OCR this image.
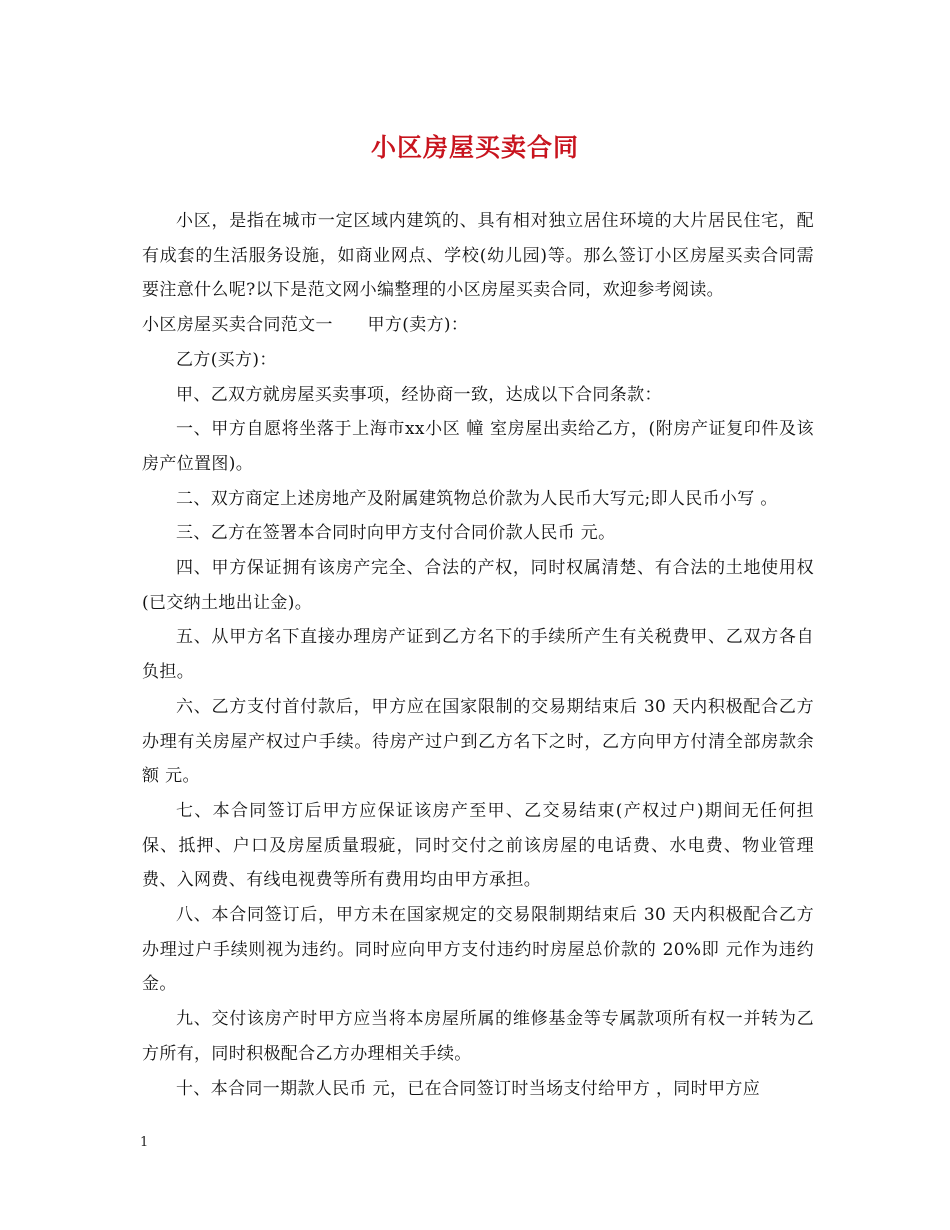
小区房屋买卖合同

小区，是指在城市一定区域内建筑的、具有相对独立居住环境的大片居民住宅，配有成套的生活服务设施，如商业网点、学校(幼儿园)等。那么签订小区房屋买卖合同需要注意什么呢?以下是范文网小编整理的小区房屋买卖合同，欢迎参考阅读。

小区房屋买卖合同范文一　　甲方(卖方)：

乙方(买方)：

甲、乙双方就房屋买卖事项，经协商一致，达成以下合同条款：

一、甲方自愿将坐落于上海市xx小区 幢 室房屋出卖给乙方，(附房产证复印件及该房产位置图)。

二、双方商定上述房地产及附属建筑物总价款为人民币大写元;即人民币小写 。

三、乙方在签署本合同时向甲方支付合同价款人民币 元。

四、甲方保证拥有该房产完全、合法的产权，同时权属清楚、有合法的土地使用权(已交纳土地出让金)。

五、从甲方名下直接办理房产证到乙方名下的手续所产生有关税费甲、乙双方各自负担。

六、乙方支付首付款后，甲方应在国家限制的交易期结束后 30 天内积极配合乙方办理有关房屋产权过户手续。待房产过户到乙方名下之时，乙方向甲方付清全部房款余额 元。

七、本合同签订后甲方应保证该房产至甲、乙交易结束(产权过户)期间无任何担保、抵押、户口及房屋质量瑕疵，同时交付之前该房屋的电话费、水电费、物业管理费、入网费、有线电视费等所有费用均由甲方承担。

八、本合同签订后，甲方未在国家规定的交易限制期结束后 30 天内积极配合乙方办理过户手续则视为违约。同时应向甲方支付违约时房屋总价款的 20%即 元作为违约金。

九、交付该房产时甲方应当将本房屋所属的维修基金等专属款项所有权一并转为乙方所有，同时积极配合乙方办理相关手续。

十、本合同一期款人民币 元，已在合同签订时当场支付给甲方 ，同时甲方应

1
